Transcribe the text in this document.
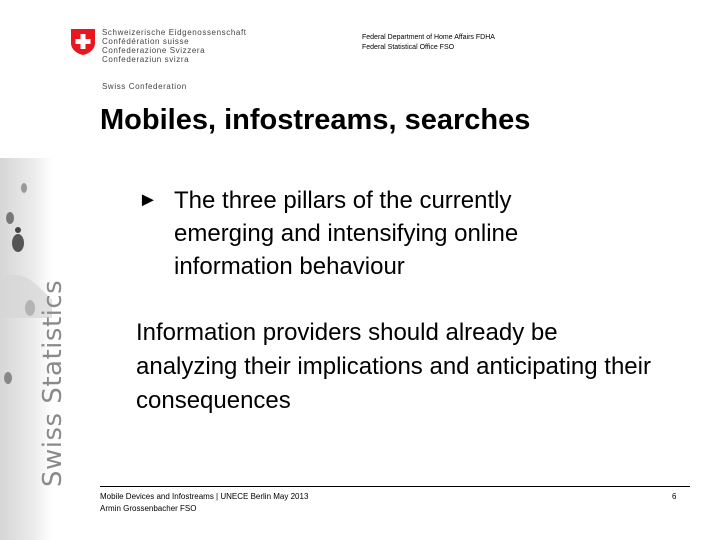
Schweizerische Eidgenossenschaft
Confédération suisse
Confederazione Svizzera
Confederaziun svizra
Swiss Confederation
Federal Department of Home Affairs FDHA
Federal Statistical Office FSO
Swiss Statistics
Mobiles, infostreams, searches
► The three pillars of the currently emerging and intensifying online information behaviour
Information providers should already be analyzing their implications and anticipating their consequences
Mobile Devices and Infostreams | UNECE Berlin May 2013
Armin Grossenbacher FSO
6
